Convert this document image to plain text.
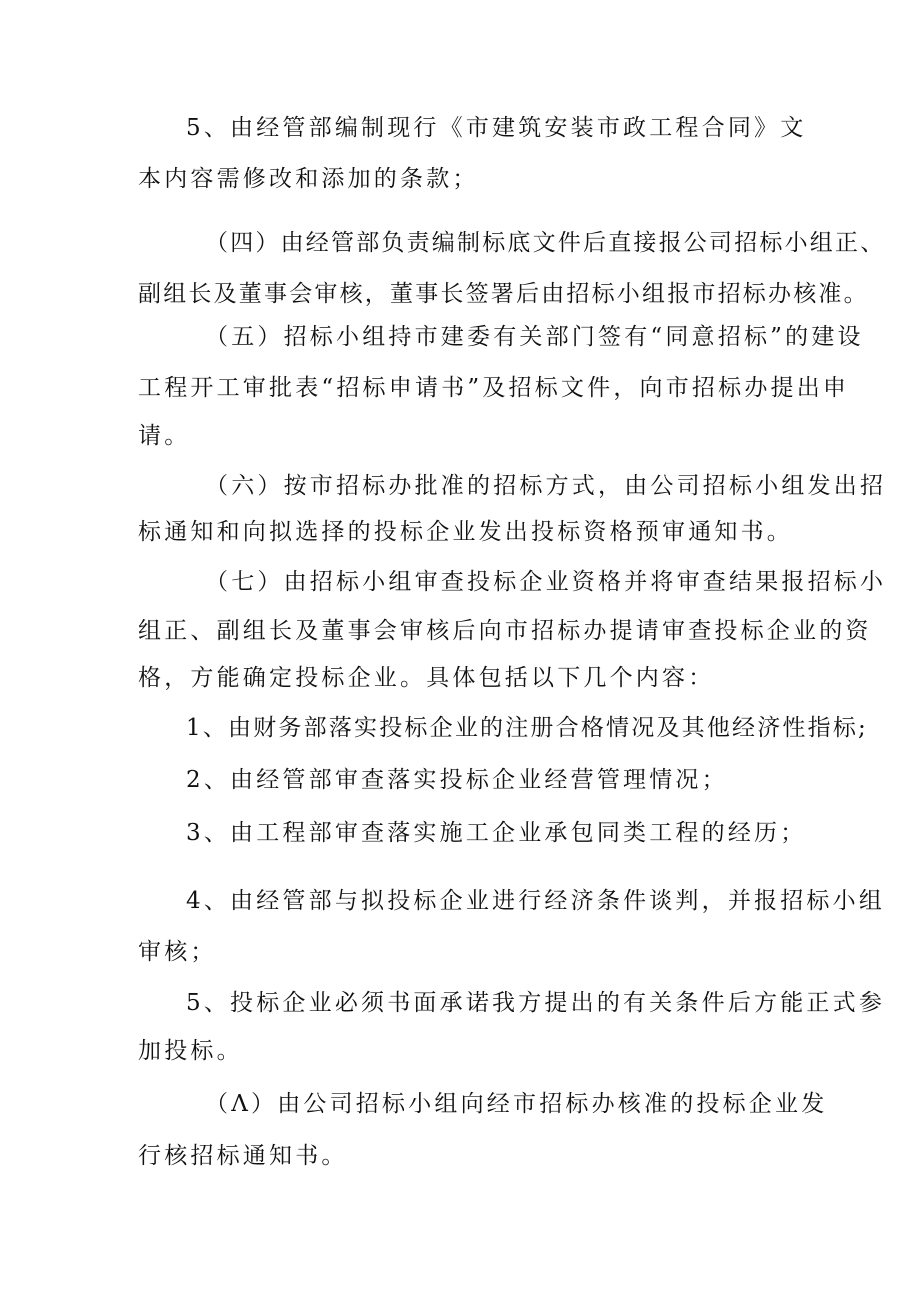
5、由经管部编制现行《市建筑安装市政工程合同》文
本内容需修改和添加的条款；
（四）由经管部负责编制标底文件后直接报公司招标小组正、
副组长及董事会审核，董事长签署后由招标小组报市招标办核准。
（五）招标小组持市建委有关部门签有“同意招标”的建设
工程开工审批表“招标申请书”及招标文件，向市招标办提出申
请。
（六）按市招标办批准的招标方式，由公司招标小组发出招
标通知和向拟选择的投标企业发出投标资格预审通知书。
（七）由招标小组审查投标企业资格并将审查结果报招标小
组正、副组长及董事会审核后向市招标办提请审查投标企业的资
格，方能确定投标企业。具体包括以下几个内容：
1、由财务部落实投标企业的注册合格情况及其他经济性指标;
2、由经管部审查落实投标企业经营管理情况；
3、由工程部审查落实施工企业承包同类工程的经历；
4、由经管部与拟投标企业进行经济条件谈判，并报招标小组
审核；
5、投标企业必须书面承诺我方提出的有关条件后方能正式参
加投标。
（Λ）由公司招标小组向经市招标办核准的投标企业发
行核招标通知书。
